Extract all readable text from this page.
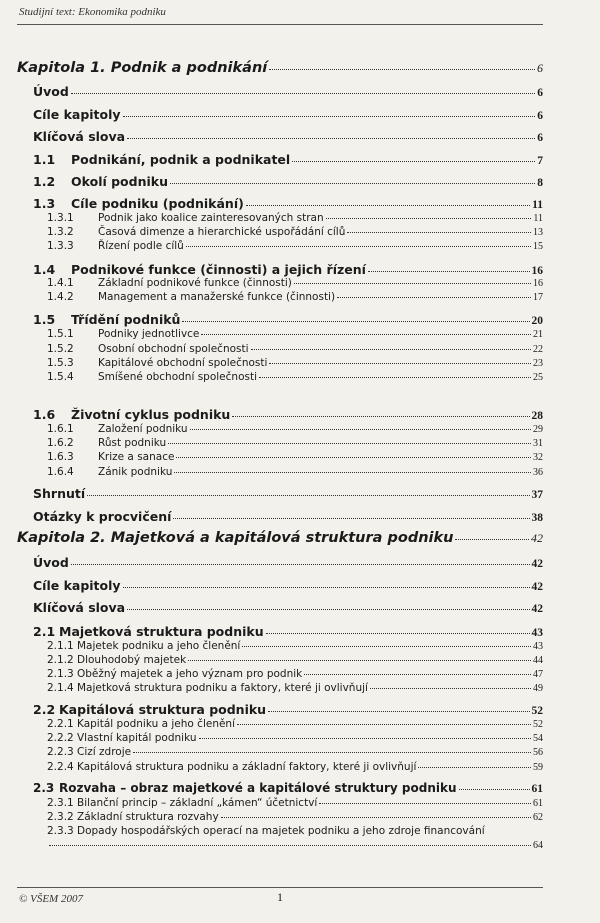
Studijní text: Ekonomika podniku
Kapitola 1. Podnik a podnikání	6
Úvod	6
Cíle kapitoly	6
Klíčová slova	6
1.1	Podnikání, podnik a podnikatel	7
1.2	Okolí podniku	8
1.3	Cíle podniku (podnikání)	11
1.3.1	Podnik jako koalice zainteresovaných stran	11
1.3.2	Časová dimenze a hierarchické uspořádání cílů	13
1.3.3	Řízení podle cílů	15
1.4	Podnikové funkce (činnosti) a jejich řízení	16
1.4.1	Základní podnikové funkce (činnosti)	16
1.4.2	Management a manažerské funkce (činnosti)	17
1.5	Třídění podniků	20
1.5.1	Podniky jednotlivce	21
1.5.2	Osobní obchodní společnosti	22
1.5.3	Kapitálové obchodní společnosti	23
1.5.4	Smíšené obchodní společnosti	25
1.6	Životní cyklus podniku	28
1.6.1	Založení podniku	29
1.6.2	Růst podniku	31
1.6.3	Krize a sanace	32
1.6.4	Zánik podniku	36
Shrnutí	37
Otázky k procvičení	38
Kapitola 2. Majetková a kapitálová struktura podniku	42
Úvod	42
Cíle kapitoly	42
Klíčová slova	42
2.1 Majetková struktura podniku	43
2.1.1 Majetek podniku a jeho členění	43
2.1.2 Dlouhodobý majetek	44
2.1.3 Oběžný majetek a jeho význam pro podnik	47
2.1.4 Majetková struktura podniku a faktory, které ji ovlivňují	49
2.2 Kapitálová struktura podniku	52
2.2.1 Kapitál podniku a jeho členění	52
2.2.2 Vlastní kapitál podniku	54
2.2.3 Cizí zdroje	56
2.2.4 Kapitálová struktura podniku a základní faktory, které ji ovlivňují	59
2.3 Rozvaha – obraz majetkové a kapitálové struktury podniku	61
2.3.1 Bilanční princip – základní „kámen“ účetnictví	61
2.3.2 Základní struktura rozvahy	62
2.3.3 Dopady hospodářských operací na majetek podniku a jeho zdroje financování
64
© VŠEM 2007	1
